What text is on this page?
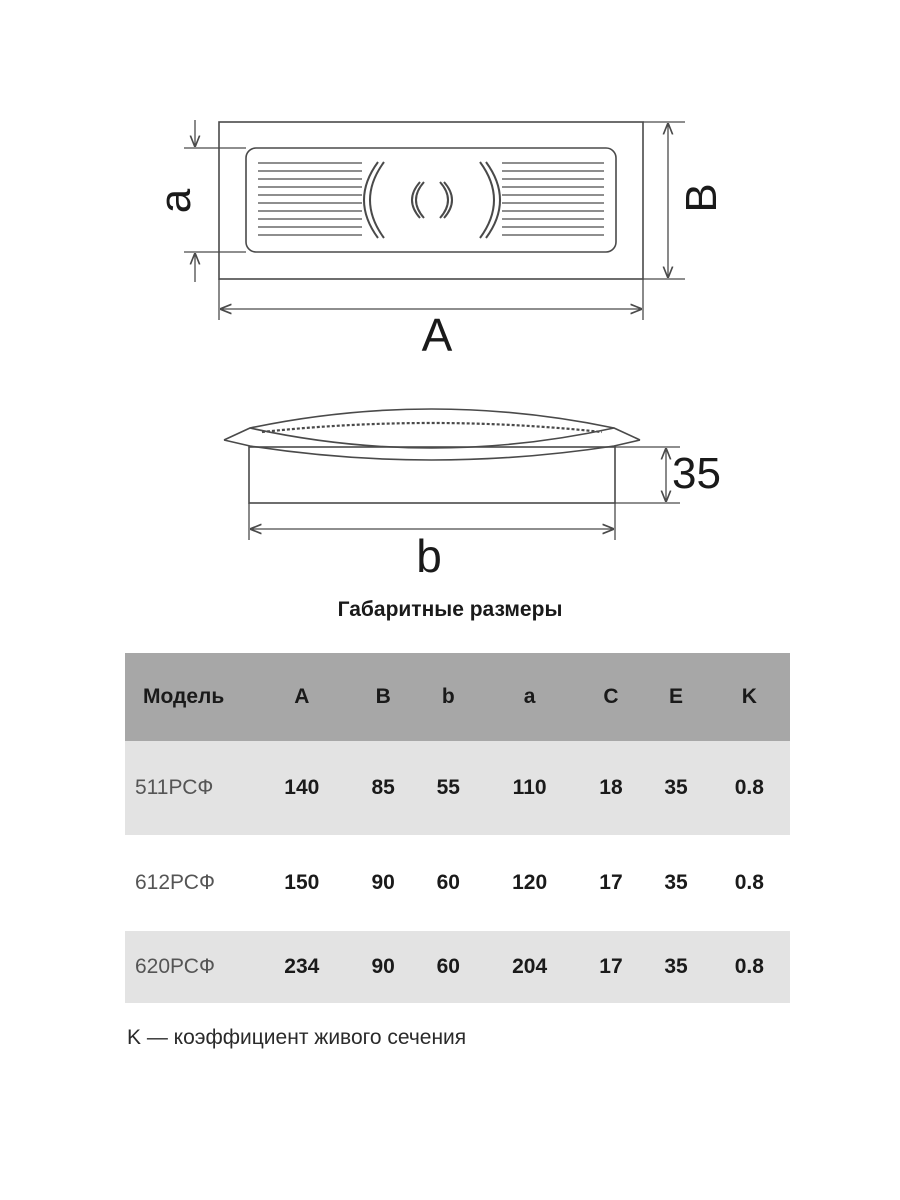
a	B
A
35
b
Габаритные размеры
Модель	A	B	b	a	C	E	K
511РСФ	140	85	55	110	18	35	0.8
612РСФ	150	90	60	120	17	35	0.8
620РСФ	234	90	60	204	17	35	0.8
K — коэффициент живого сечения
